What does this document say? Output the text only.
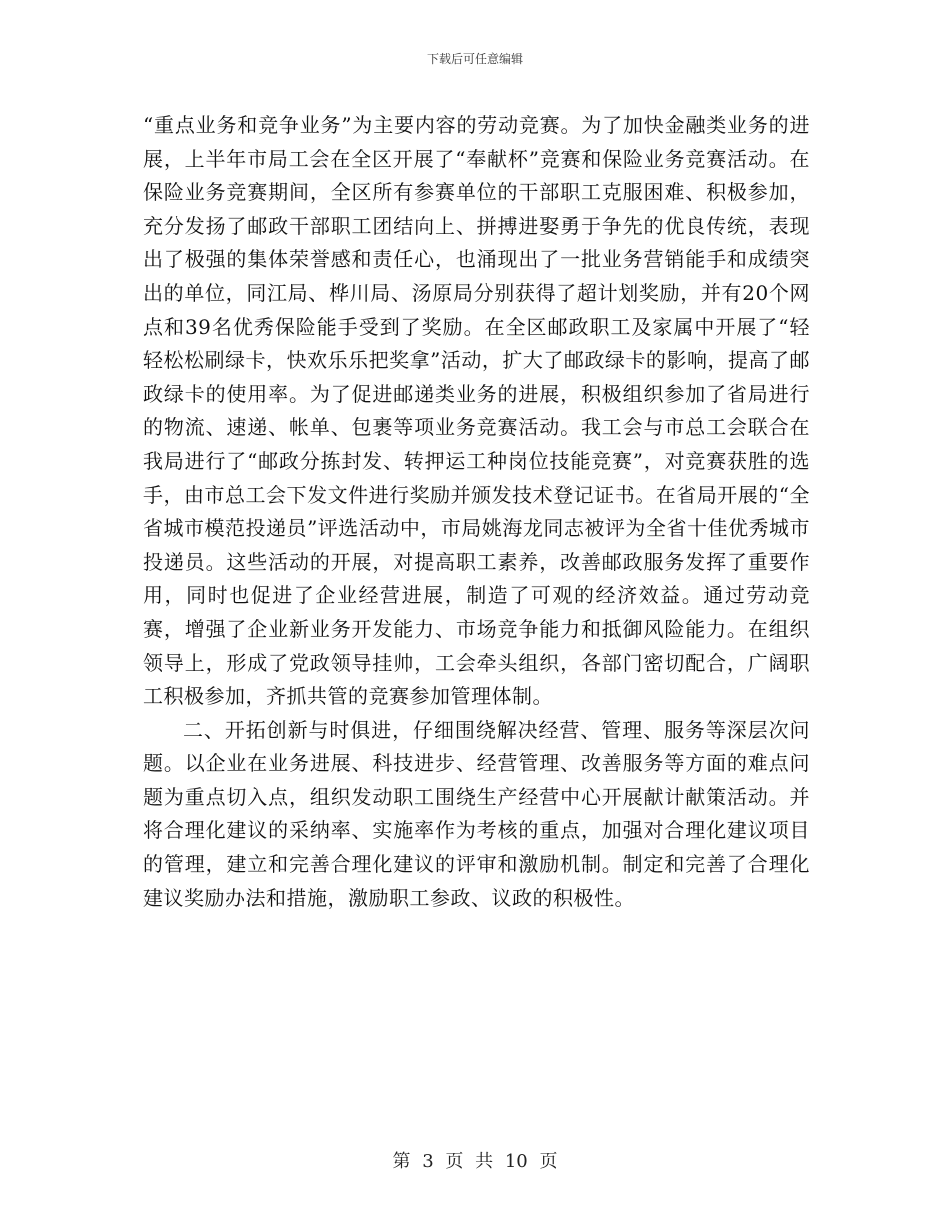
下载后可任意编辑

“重点业务和竞争业务”为主要内容的劳动竞赛。为了加快金融类业务的进展，上半年市局工会在全区开展了“奉献杯”竞赛和保险业务竞赛活动。在保险业务竞赛期间，全区所有参赛单位的干部职工克服困难、积极参加，充分发扬了邮政干部职工团结向上、拼搏进娶勇于争先的优良传统，表现出了极强的集体荣誉感和责任心，也涌现出了一批业务营销能手和成绩突出的单位，同江局、桦川局、汤原局分别获得了超计划奖励，并有20个网点和39名优秀保险能手受到了奖励。在全区邮政职工及家属中开展了“轻轻松松刷绿卡，快欢乐乐把奖拿”活动，扩大了邮政绿卡的影响，提高了邮政绿卡的使用率。为了促进邮递类业务的进展，积极组织参加了省局进行的物流、速递、帐单、包裹等项业务竞赛活动。我工会与市总工会联合在我局进行了“邮政分拣封发、转押运工种岗位技能竞赛”，对竞赛获胜的选手，由市总工会下发文件进行奖励并颁发技术登记证书。在省局开展的“全省城市模范投递员”评选活动中，市局姚海龙同志被评为全省十佳优秀城市投递员。这些活动的开展，对提高职工素养，改善邮政服务发挥了重要作用，同时也促进了企业经营进展，制造了可观的经济效益。通过劳动竞赛，增强了企业新业务开发能力、市场竞争能力和抵御风险能力。在组织领导上，形成了党政领导挂帅，工会牵头组织，各部门密切配合，广阔职工积极参加，齐抓共管的竞赛参加管理体制。

二、开拓创新与时俱进，仔细围绕解决经营、管理、服务等深层次问题。以企业在业务进展、科技进步、经营管理、改善服务等方面的难点问题为重点切入点，组织发动职工围绕生产经营中心开展献计献策活动。并将合理化建议的采纳率、实施率作为考核的重点，加强对合理化建议项目的管理，建立和完善合理化建议的评审和激励机制。制定和完善了合理化建议奖励办法和措施，激励职工参政、议政的积极性。

第 3 页 共 10 页
